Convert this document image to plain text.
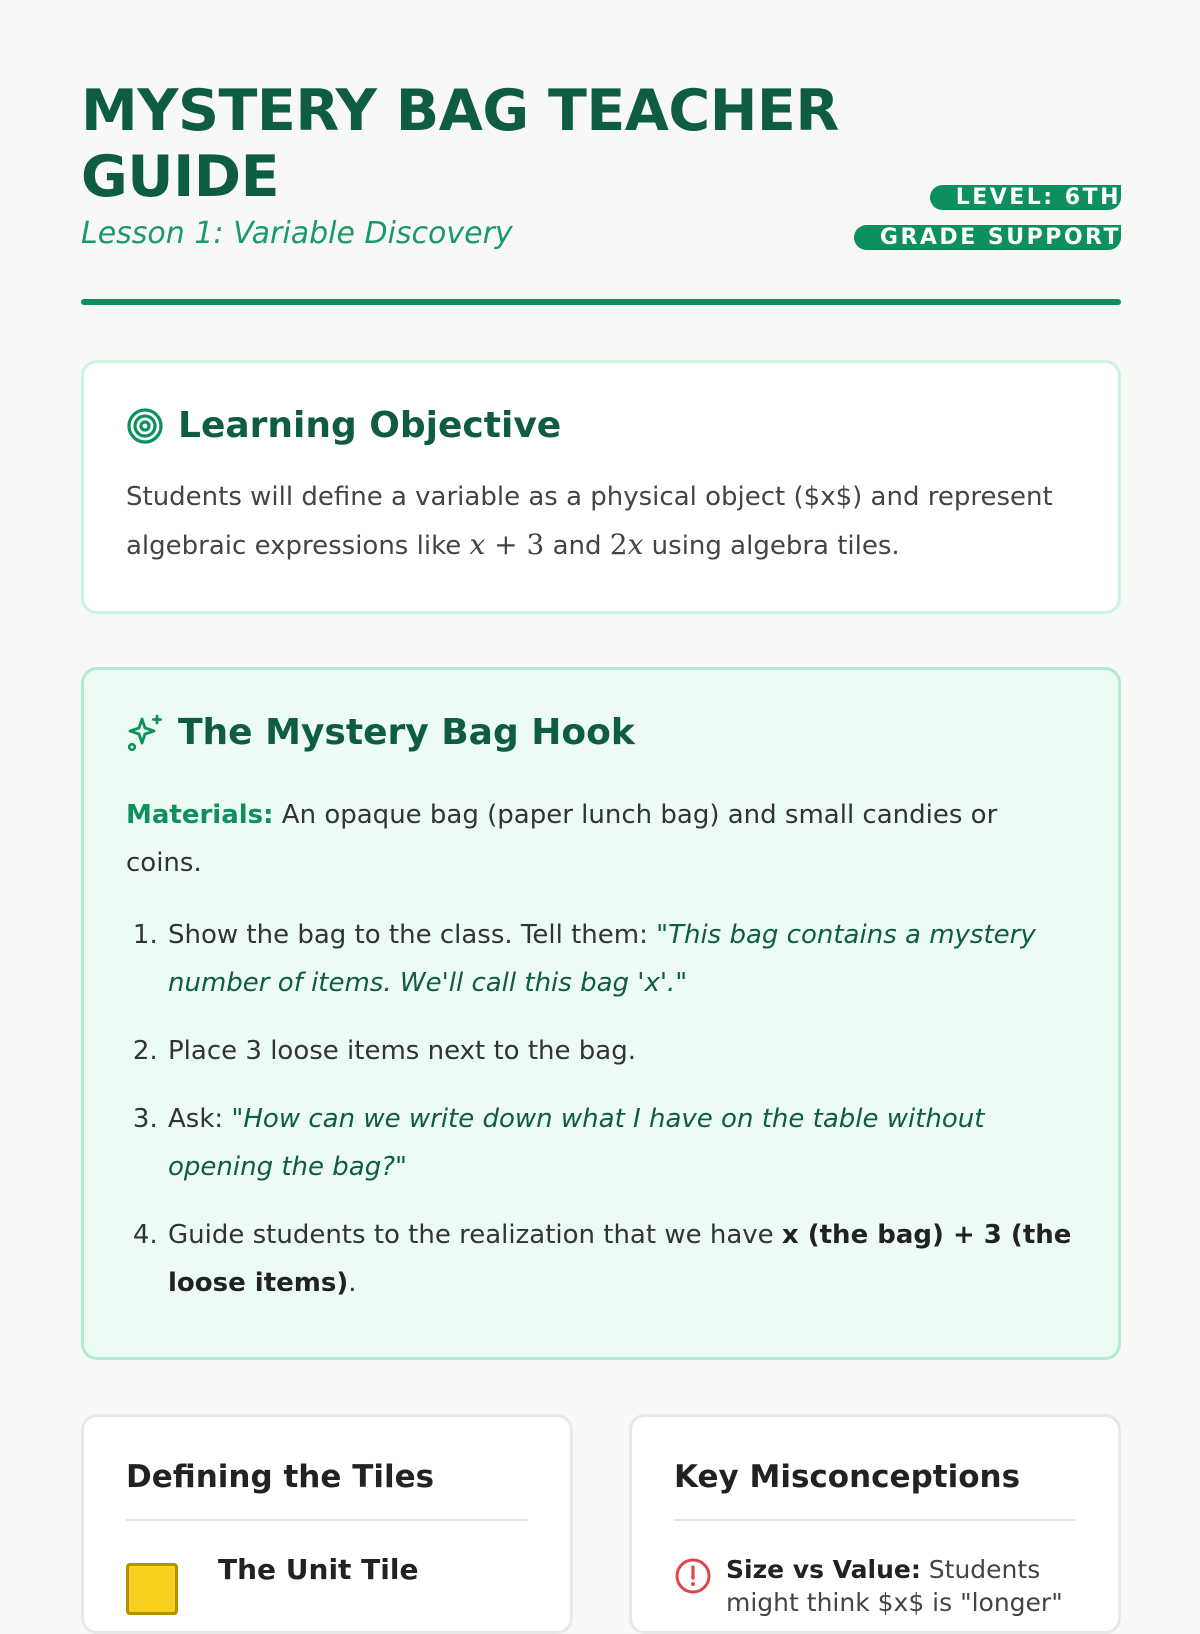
MYSTERY BAG TEACHER GUIDE
Lesson 1: Variable Discovery
LEVEL: 6TH GRADE SUPPORT
Learning Objective

Students will define a variable as a physical object ($x$) and represent algebraic expressions like x + 3 and 2x using algebra tiles.

The Mystery Bag Hook

Materials: An opaque bag (paper lunch bag) and small candies or coins.

1. Show the bag to the class. Tell them: "This bag contains a mystery number of items. We'll call this bag 'x'."
2. Place 3 loose items next to the bag.
3. Ask: "How can we write down what I have on the table without opening the bag?"
4. Guide students to the realization that we have x (the bag) + 3 (the loose items).
Defining the Tiles
The Unit Tile
Key Misconceptions

Size vs Value: Students might think $x$ is "longer"
